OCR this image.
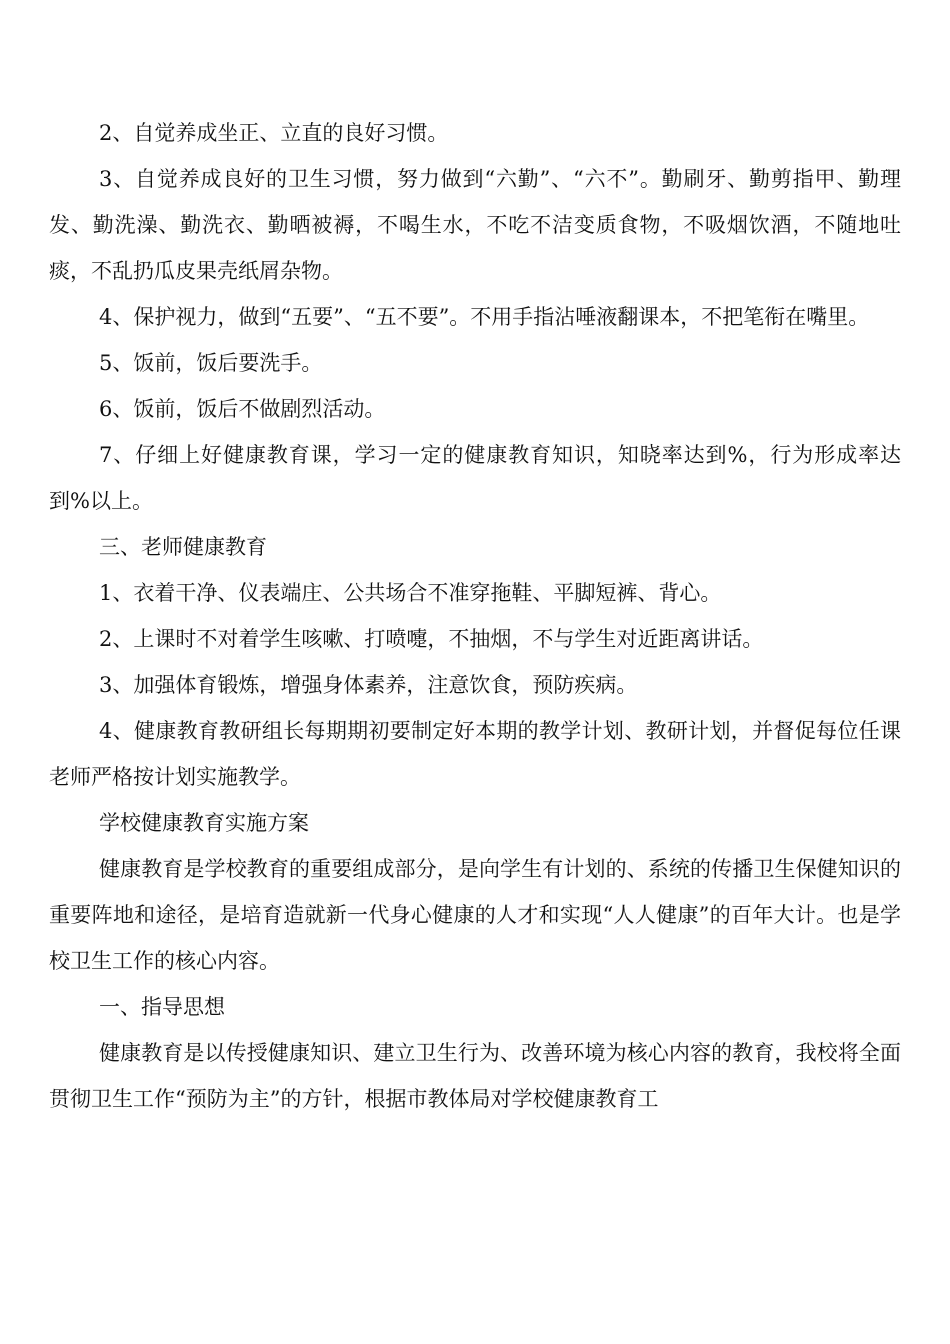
2、自觉养成坐正、立直的良好习惯。

3、自觉养成良好的卫生习惯，努力做到“六勤”、“六不”。勤刷牙、勤剪指甲、勤理发、勤洗澡、勤洗衣、勤晒被褥，不喝生水，不吃不洁变质食物，不吸烟饮酒，不随地吐痰，不乱扔瓜皮果壳纸屑杂物。

4、保护视力，做到“五要”、“五不要”。不用手指沾唾液翻课本，不把笔衔在嘴里。

5、饭前，饭后要洗手。

6、饭前，饭后不做剧烈活动。

7、仔细上好健康教育课，学习一定的健康教育知识，知晓率达到%，行为形成率达到%以上。

三、老师健康教育

1、衣着干净、仪表端庄、公共场合不准穿拖鞋、平脚短裤、背心。

2、上课时不对着学生咳嗽、打喷嚏，不抽烟，不与学生对近距离讲话。

3、加强体育锻炼，增强身体素养，注意饮食，预防疾病。

4、健康教育教研组长每期期初要制定好本期的教学计划、教研计划，并督促每位任课老师严格按计划实施教学。

学校健康教育实施方案

健康教育是学校教育的重要组成部分，是向学生有计划的、系统的传播卫生保健知识的重要阵地和途径，是培育造就新一代身心健康的人才和实现“人人健康”的百年大计。也是学校卫生工作的核心内容。

一、指导思想

健康教育是以传授健康知识、建立卫生行为、改善环境为核心内容的教育，我校将全面贯彻卫生工作“预防为主”的方针，根据市教体局对学校健康教育工
